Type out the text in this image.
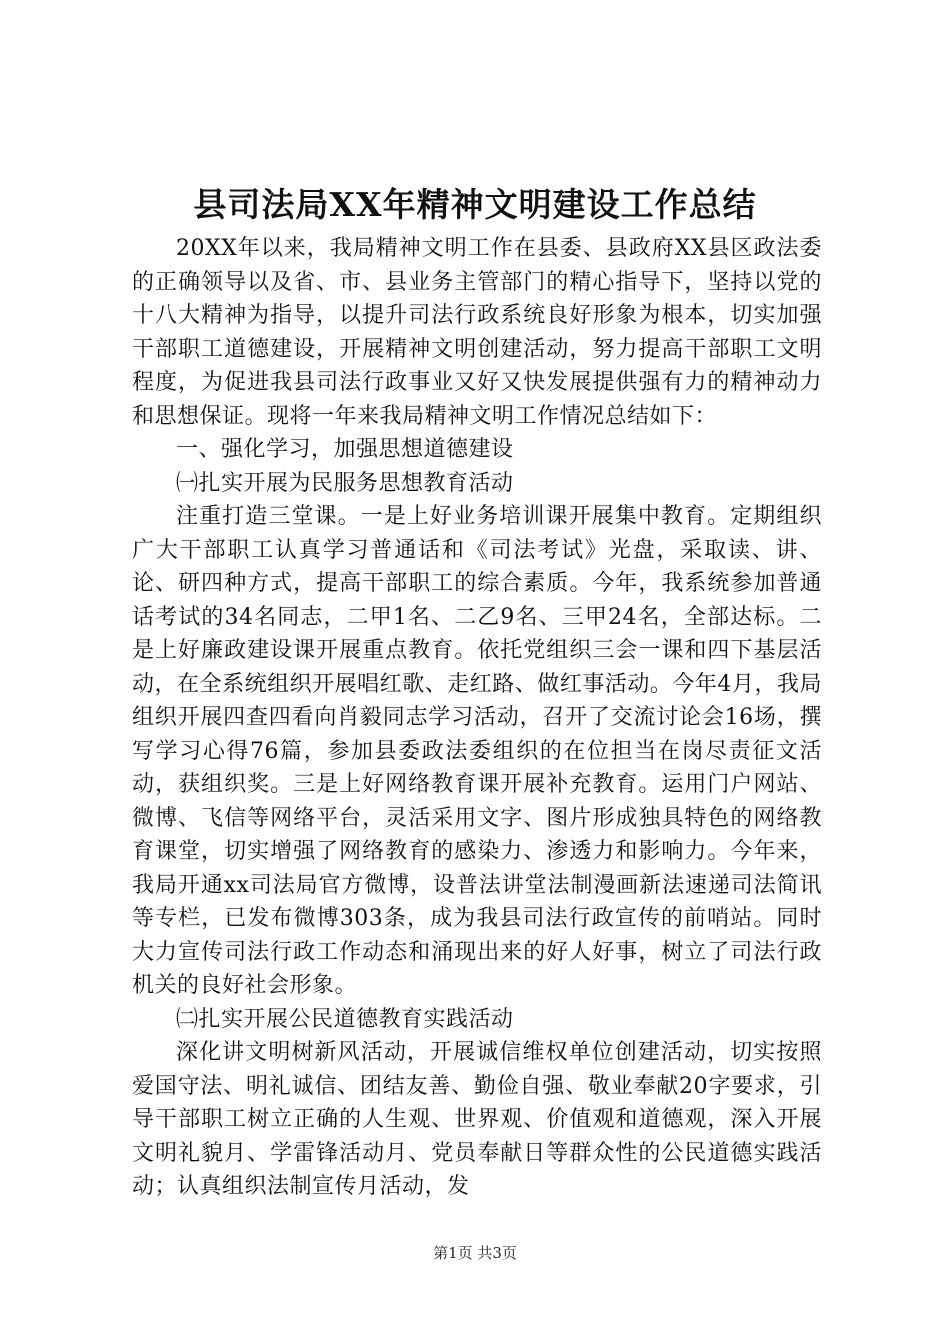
县司法局XX年精神文明建设工作总结

20XX年以来，我局精神文明工作在县委、县政府XX县区政法委的正确领导以及省、市、县业务主管部门的精心指导下，坚持以党的十八大精神为指导，以提升司法行政系统良好形象为根本，切实加强干部职工道德建设，开展精神文明创建活动，努力提高干部职工文明程度，为促进我县司法行政事业又好又快发展提供强有力的精神动力和思想保证。现将一年来我局精神文明工作情况总结如下：

一、强化学习，加强思想道德建设

㈠扎实开展为民服务思想教育活动

注重打造三堂课。一是上好业务培训课开展集中教育。定期组织广大干部职工认真学习普通话和《司法考试》光盘，采取读、讲、论、研四种方式，提高干部职工的综合素质。今年，我系统参加普通话考试的34名同志，二甲1名、二乙9名、三甲24名，全部达标。二是上好廉政建设课开展重点教育。依托党组织三会一课和四下基层活动，在全系统组织开展唱红歌、走红路、做红事活动。今年4月，我局组织开展四查四看向肖毅同志学习活动，召开了交流讨论会16场，撰写学习心得76篇，参加县委政法委组织的在位担当在岗尽责征文活动，获组织奖。三是上好网络教育课开展补充教育。运用门户网站、微博、飞信等网络平台，灵活采用文字、图片形成独具特色的网络教育课堂，切实增强了网络教育的感染力、渗透力和影响力。今年来，我局开通xx司法局官方微博，设普法讲堂法制漫画新法速递司法简讯等专栏，已发布微博303条，成为我县司法行政宣传的前哨站。同时大力宣传司法行政工作动态和涌现出来的好人好事，树立了司法行政机关的良好社会形象。

㈡扎实开展公民道德教育实践活动

深化讲文明树新风活动，开展诚信维权单位创建活动，切实按照爱国守法、明礼诚信、团结友善、勤俭自强、敬业奉献20字要求，引导干部职工树立正确的人生观、世界观、价值观和道德观，深入开展文明礼貌月、学雷锋活动月、党员奉献日等群众性的公民道德实践活动；认真组织法制宣传月活动，发

第1页 共3页
